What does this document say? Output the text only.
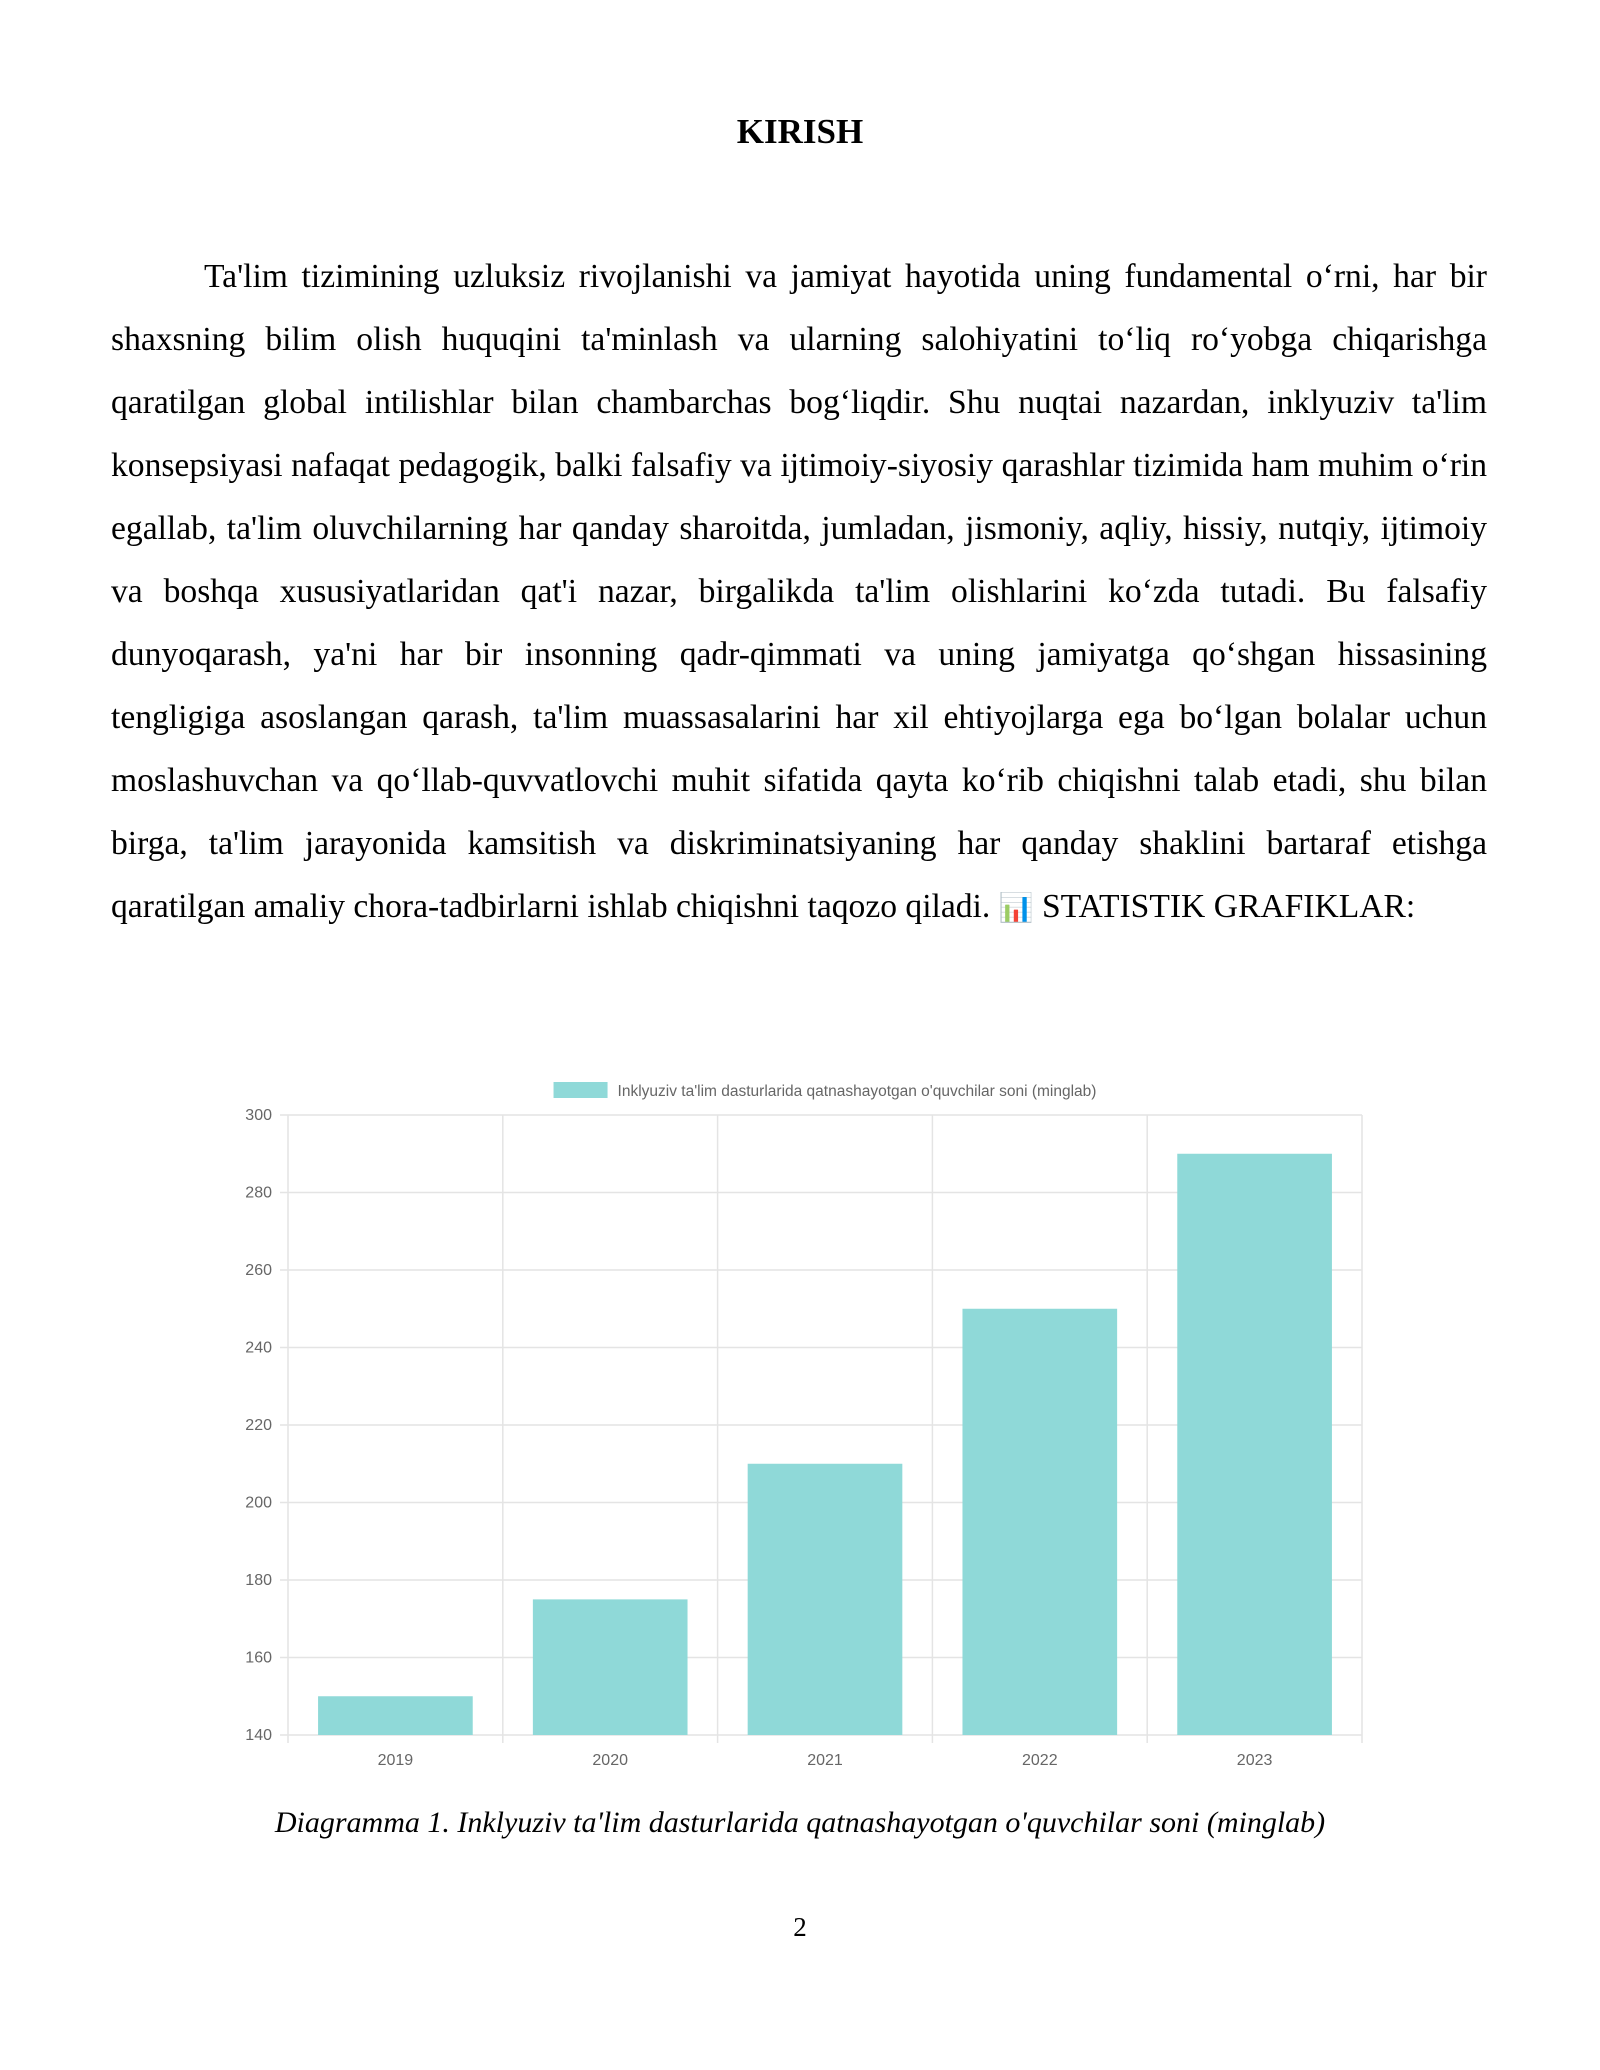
KIRISH
Ta'lim tizimining uzluksiz rivojlanishi va jamiyat hayotida uning fundamental o‘rni, har bir shaxsning bilim olish huquqini ta'minlash va ularning salohiyatini to‘liq ro‘yobga chiqarishga qaratilgan global intilishlar bilan chambarchas bog‘liqdir. Shu nuqtai nazardan, inklyuziv ta'lim konsepsiyasi nafaqat pedagogik, balki falsafiy va ijtimoiy-siyosiy qarashlar tizimida ham muhim o‘rin egallab, ta'lim oluvchilarning har qanday sharoitda, jumladan, jismoniy, aqliy, hissiy, nutqiy, ijtimoiy va boshqa xususiyatlaridan qat'i nazar, birgalikda ta'lim olishlarini ko‘zda tutadi. Bu falsafiy dunyoqarash, ya'ni har bir insonning qadr-qimmati va uning jamiyatga qo‘shgan hissasining tengligiga asoslangan qarash, ta'lim muassasalarini har xil ehtiyojlarga ega bo‘lgan bolalar uchun moslashuvchan va qo‘llab-quvvatlovchi muhit sifatida qayta ko‘rib chiqishni talab etadi, shu bilan birga, ta'lim jarayonida kamsitish va diskriminatsiyaning har qanday shaklini bartaraf etishga qaratilgan amaliy chora-tadbirlarni ishlab chiqishni taqozo qiladi. 📊 STATISTIK GRAFIKLAR:
140
160
180
200
220
240
260
280
300
2019	2020	2021	2022	2023
Inklyuziv ta'lim dasturlarida qatnashayotgan o'quvchilar soni (minglab)
Diagramma 1. Inklyuziv ta'lim dasturlarida qatnashayotgan o'quvchilar soni (minglab)
2
